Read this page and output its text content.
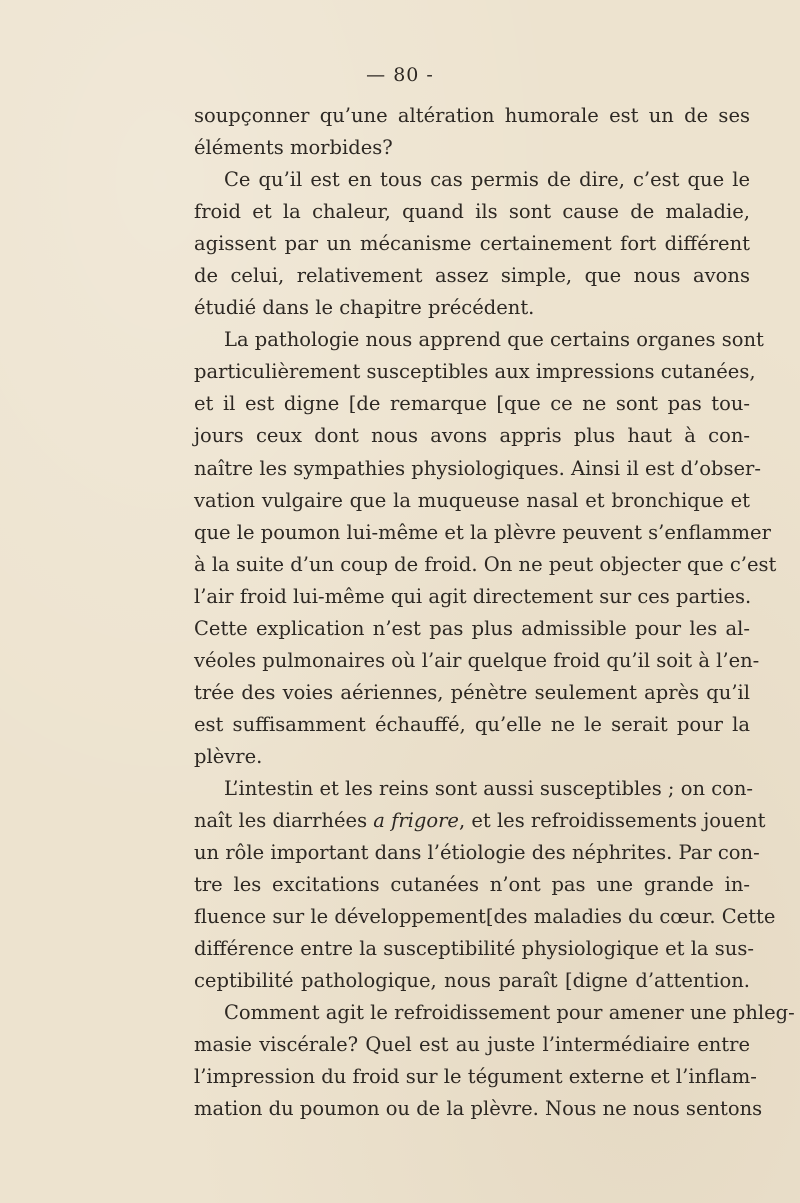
— 80 -
soupçonner qu’une altération humorale est un de ses
éléments morbides?
Ce qu’il est en tous cas permis de dire, c’est que le
froid et la chaleur, quand ils sont cause de maladie,
agissent par un mécanisme certainement fort différent
de celui, relativement assez simple, que nous avons
étudié dans le chapitre précédent.
La pathologie nous apprend que certains organes sont
particulièrement susceptibles aux impressions cutanées,
et il est digne [de remarque [que ce ne sont pas tou-
jours ceux dont nous avons appris plus haut à con-
naître les sympathies physiologiques. Ainsi il est d’obser-
vation vulgaire que la muqueuse nasal et bronchique et
que le poumon lui-même et la plèvre peuvent s’enflammer
à la suite d’un coup de froid. On ne peut objecter que c’est
l’air froid lui-même qui agit directement sur ces parties.
Cette explication n’est pas plus admissible pour les al-
véoles pulmonaires où l’air quelque froid qu’il soit à l’en-
trée des voies aériennes, pénètre seulement après qu’il
est suffisamment échauffé, qu’elle ne le serait pour la
plèvre.
L’intestin et les reins sont aussi susceptibles ; on con-
naît les diarrhées a frigore, et les refroidissements jouent
un rôle important dans l’étiologie des néphrites. Par con-
tre les excitations cutanées n’ont pas une grande in-
fluence sur le développement[des maladies du cœur. Cette
différence entre la susceptibilité physiologique et la sus-
ceptibilité pathologique, nous paraît [digne d’attention.
Comment agit le refroidissement pour amener une phleg-
masie viscérale? Quel est au juste l’intermédiaire entre
l’impression du froid sur le tégument externe et l’inflam-
mation du poumon ou de la plèvre. Nous ne nous sentons
